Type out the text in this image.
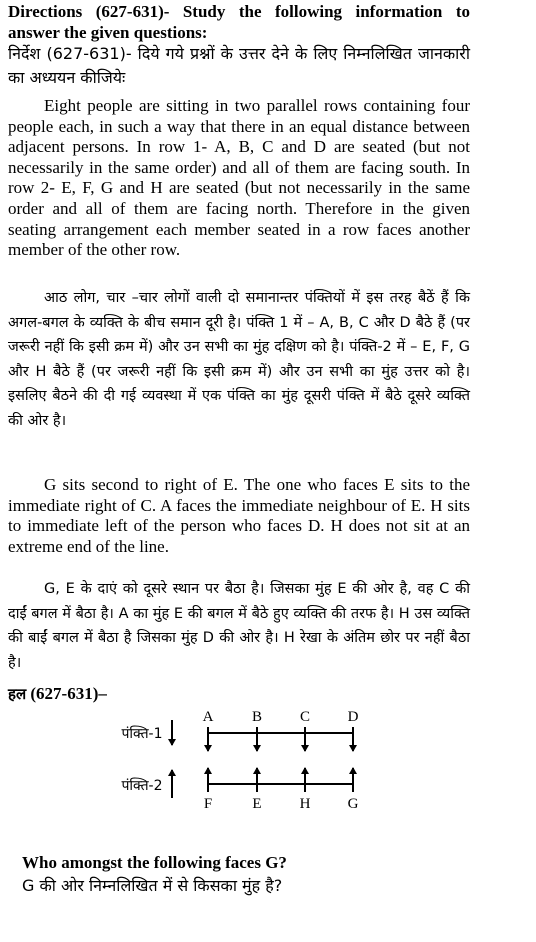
Directions (627-631)- Study the following information to answer the given questions:

निर्देश (627-631)- दिये गये प्रश्नों के उत्तर देने के लिए निम्नलिखित जानकारी का अध्ययन कीजियेः

Eight people are sitting in two parallel rows containing four people each, in such a way that there in an equal distance between adjacent persons. In row 1- A, B, C and D are seated (but not necessarily in the same order) and all of them are facing south. In row 2- E, F, G and H are seated (but not necessarily in the same order and all of them are facing north. Therefore in the given seating arrangement each member seated in a row faces another member of the other row.

आठ लोग, चार –चार लोगों वाली दो समानान्तर पंक्तियों में इस तरह बैठें हैं कि अगल-बगल के व्यक्ति के बीच समान दूरी है। पंक्ति 1 में – A, B, C और D बैठे हैं (पर जरूरी नहीं कि इसी क्रम में) और उन सभी का मुंह दक्षिण को है। पंक्ति-2 में – E, F, G और H बैठे हैं (पर जरूरी नहीं कि इसी क्रम में) और उन सभी का मुंह उत्तर को है। इसलिए बैठने की दी गई व्यवस्था में एक पंक्ति का मुंह दूसरी पंक्ति में बैठे दूसरे व्यक्ति की ओर है।

G sits second to right of E. The one who faces E sits to the immediate right of C. A faces the immediate neighbour of E. H sits to immediate left of the person who faces D. H does not sit at an extreme end of the line.

G, E के दाएं को दूसरे स्थान पर बैठा है। जिसका मुंह E की ओर है, वह C की दाईं बगल में बैठा है। A का मुंह E की बगल में बैठे हुए व्यक्ति की तरफ है। H उस व्यक्ति की बाईं बगल में बैठा है जिसका मुंह D की ओर है। H रेखा के अंतिम छोर पर नहीं बैठा है।

हल (627-631)–
पंक्ति-1
पंक्ति-2
A	B	C	D
F	E	H G
Who amongst the following faces G?
G की ओर निम्नलिखित में से किसका मुंह है?
